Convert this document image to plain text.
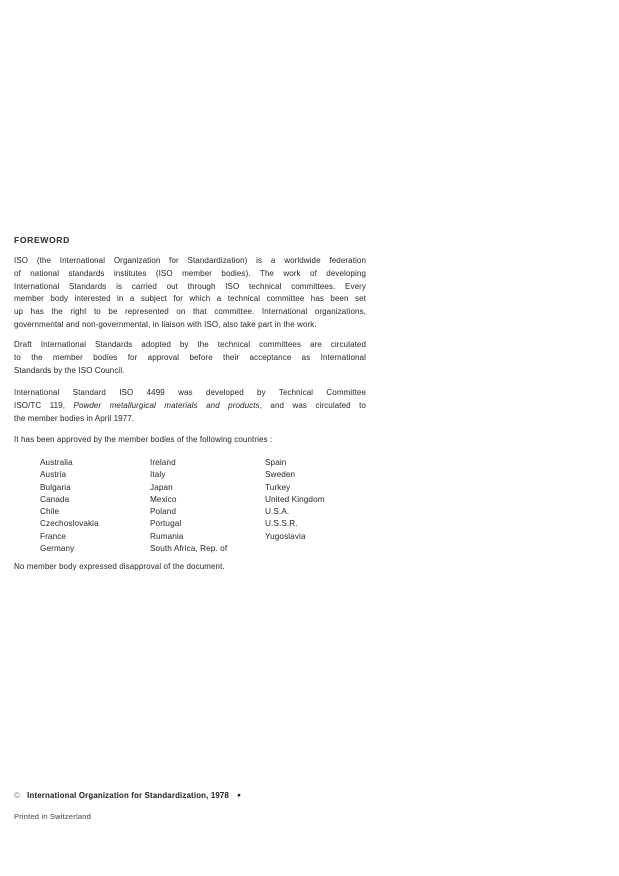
FOREWORD
ISO (the International Organization for Standardization) is a worldwide federation
of national standards institutes (ISO member bodies). The work of developing
International Standards is carried out through ISO technical committees. Every
member body interested in a subject for which a technical committee has been set
up has the right to be represented on that committee. International organizations,
governmental and non-governmental, in liaison with ISO, also take part in the work.
Draft International Standards adopted by the technical committees are circulated
to the member bodies for approval before their acceptance as International
Standards by the ISO Council.
International Standard ISO 4499 was developed by Technical Committee
ISO/TC 119, Powder metallurgical materials and products, and was circulated to
the member bodies in April 1977.
It has been approved by the member bodies of the following countries :
Australia
Austria
Bulgaria
Canada
Chile
Czechoslovakia
France
Germany
Ireland
Italy
Japan
Mexico
Poland
Portugal
Rumania
South Africa, Rep. of
Spain
Sweden
Turkey
United Kingdom
U.S.A.
U.S.S.R.
Yugoslavia
No member body expressed disapproval of the document.
© International Organization for Standardization, 1978 ●
Printed in Switzerland
